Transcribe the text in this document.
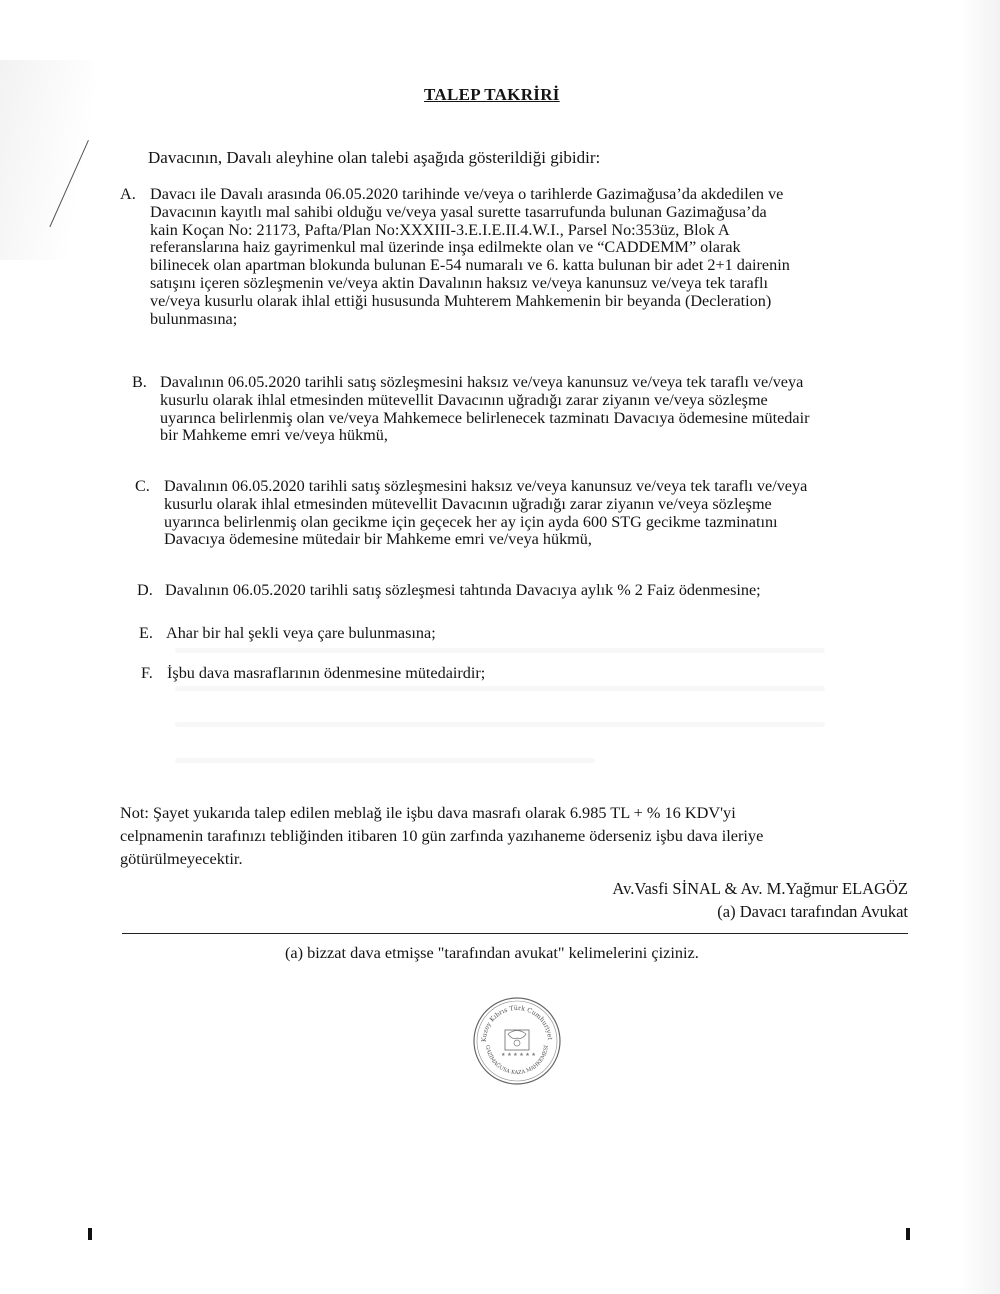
TALEP TAKRİRİ
Davacının, Davalı aleyhine olan talebi aşağıda gösterildiği gibidir:
A. Davacı ile Davalı arasında 06.05.2020 tarihinde ve/veya o tarihlerde Gazimağusa’da akdedilen ve
Davacının kayıtlı mal sahibi olduğu ve/veya yasal surette tasarrufunda bulunan Gazimağusa’da
kain Koçan No: 21173, Pafta/Plan No:XXXIII-3.E.I.E.II.4.W.I., Parsel No:353üz, Blok A
referanslarına haiz gayrimenkul mal üzerinde inşa edilmekte olan ve “CADDEMM” olarak
bilinecek olan apartman blokunda bulunan E-54 numaralı ve 6. katta bulunan bir adet 2+1 dairenin
satışını içeren sözleşmenin ve/veya aktin Davalının haksız ve/veya kanunsuz ve/veya tek taraflı
ve/veya kusurlu olarak ihlal ettiği hususunda Muhterem Mahkemenin bir beyanda (Decleration)
bulunmasına;
B. Davalının 06.05.2020 tarihli satış sözleşmesini haksız ve/veya kanunsuz ve/veya tek taraflı ve/veya
kusurlu olarak ihlal etmesinden mütevellit Davacının uğradığı zarar ziyanın ve/veya sözleşme
uyarınca belirlenmiş olan ve/veya Mahkemece belirlenecek tazminatı Davacıya ödemesine mütedair
bir Mahkeme emri ve/veya hükmü,
C. Davalının 06.05.2020 tarihli satış sözleşmesini haksız ve/veya kanunsuz ve/veya tek taraflı ve/veya
kusurlu olarak ihlal etmesinden mütevellit Davacının uğradığı zarar ziyanın ve/veya sözleşme
uyarınca belirlenmiş olan gecikme için geçecek her ay için ayda 600 STG gecikme tazminatını
Davacıya ödemesine mütedair bir Mahkeme emri ve/veya hükmü,
D. Davalının 06.05.2020 tarihli satış sözleşmesi tahtında Davacıya aylık % 2 Faiz ödenmesine;
E. Ahar bir hal şekli veya çare bulunmasına;
F. İşbu dava masraflarının ödenmesine mütedairdir;
Not: Şayet yukarıda talep edilen meblağ ile işbu dava masrafı olarak 6.985 TL + % 16 KDV'yi
celpnamenin tarafınızı tebliğinden itibaren 10 gün zarfında yazıhaneme öderseniz işbu dava ileriye
götürülmeyecektir.
Av.Vasfi SİNAL & Av. M.Yağmur ELAGÖZ
(a) Davacı tarafından Avukat
(a) bizzat dava etmişse "tarafından avukat" kelimelerini çiziniz.
Kuzey Kıbrıs Türk Cumhuriyet
GAZİMAĞUSA KAZA MAHKEMESİ
★ ★ ★ ★ ★ ★
